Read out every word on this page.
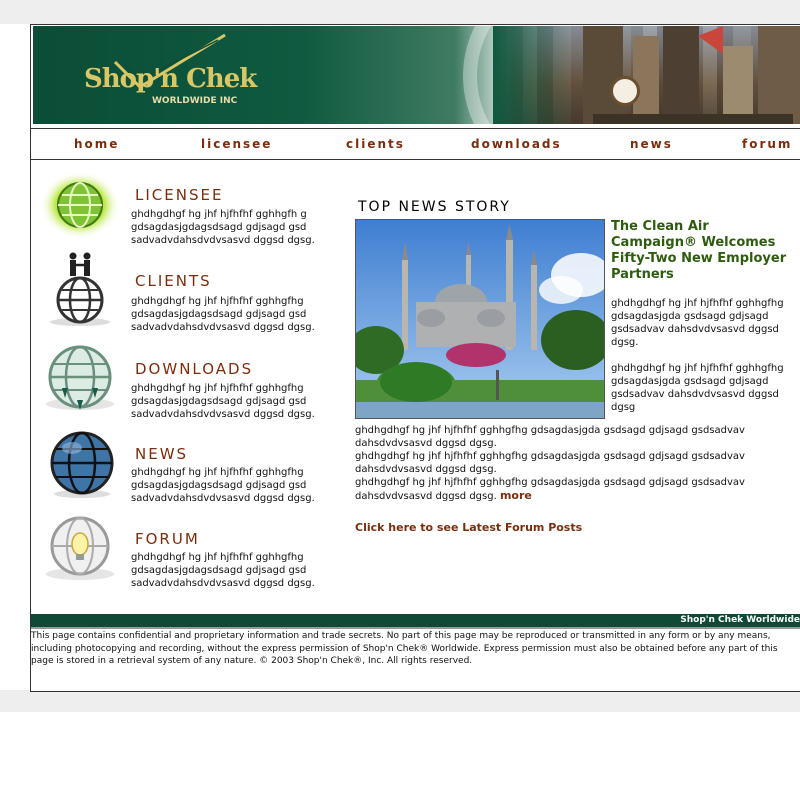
Shop'n Chek
WORLDWIDE INC
home	licensee	clients	downloads	news	forum
LICENSEE
ghdhgdhgf hg jhf hjfhfhf gghhgfh g gdsagdasjgdagsdsagd gdjsagd gsd sadvadvdahsdvdvsasvd dggsd dgsg.
CLIENTS
ghdhgdhgf hg jhf hjfhfhf gghhgfhg gdsagdasjgdagsdsagd gdjsagd gsd sadvadvdahsdvdvsasvd dggsd dgsg.
DOWNLOADS
ghdhgdhgf hg jhf hjfhfhf gghhgfhg gdsagdasjgdagsdsagd gdjsagd gsd sadvadvdahsdvdvsasvd dggsd dgsg.
NEWS
ghdhgdhgf hg jhf hjfhfhf gghhgfhg gdsagdasjgdagsdsagd gdjsagd gsd sadvadvdahsdvdvsasvd dggsd dgsg.
FORUM
ghdhgdhgf hg jhf hjfhfhf gghhgfhg gdsagdasjgdagsdsagd gdjsagd gsd sadvadvdahsdvdvsasvd dggsd dgsg.
TOP NEWS STORY
The Clean Air Campaign® Welcomes Fifty-Two New Employer Partners
ghdhgdhgf hg jhf hjfhfhf gghhgfhg gdsagdasjgda gsdsagd gdjsagd gsdsadvav dahsdvdvsasvd dggsd dgsg.
ghdhgdhgf hg jhf hjfhfhf gghhgfhg gdsagdasjgda gsdsagd gdjsagd gsdsadvav dahsdvdvsasvd dggsd dgsg
ghdhgdhgf hg jhf hjfhfhf gghhgfhg gdsagdasjgda gsdsagd gdjsagd gsdsadvav dahsdvdvsasvd dggsd dgsg.
ghdhgdhgf hg jhf hjfhfhf gghhgfhg gdsagdasjgda gsdsagd gdjsagd gsdsadvav dahsdvdvsasvd dggsd dgsg.
ghdhgdhgf hg jhf hjfhfhf gghhgfhg gdsagdasjgda gsdsagd gdjsagd gsdsadvav dahsdvdvsasvd dggsd dgsg. more
Click here to see Latest Forum Posts
Shop'n Chek Worldwide
This page contains confidential and proprietary information and trade secrets. No part of this page may be reproduced or transmitted in any form or by any means, including photocopying and recording, without the express permission of Shop'n Chek® Worldwide. Express permission must also be obtained before any part of this page is stored in a retrieval system of any nature. © 2003 Shop'n Chek®, Inc. All rights reserved.
